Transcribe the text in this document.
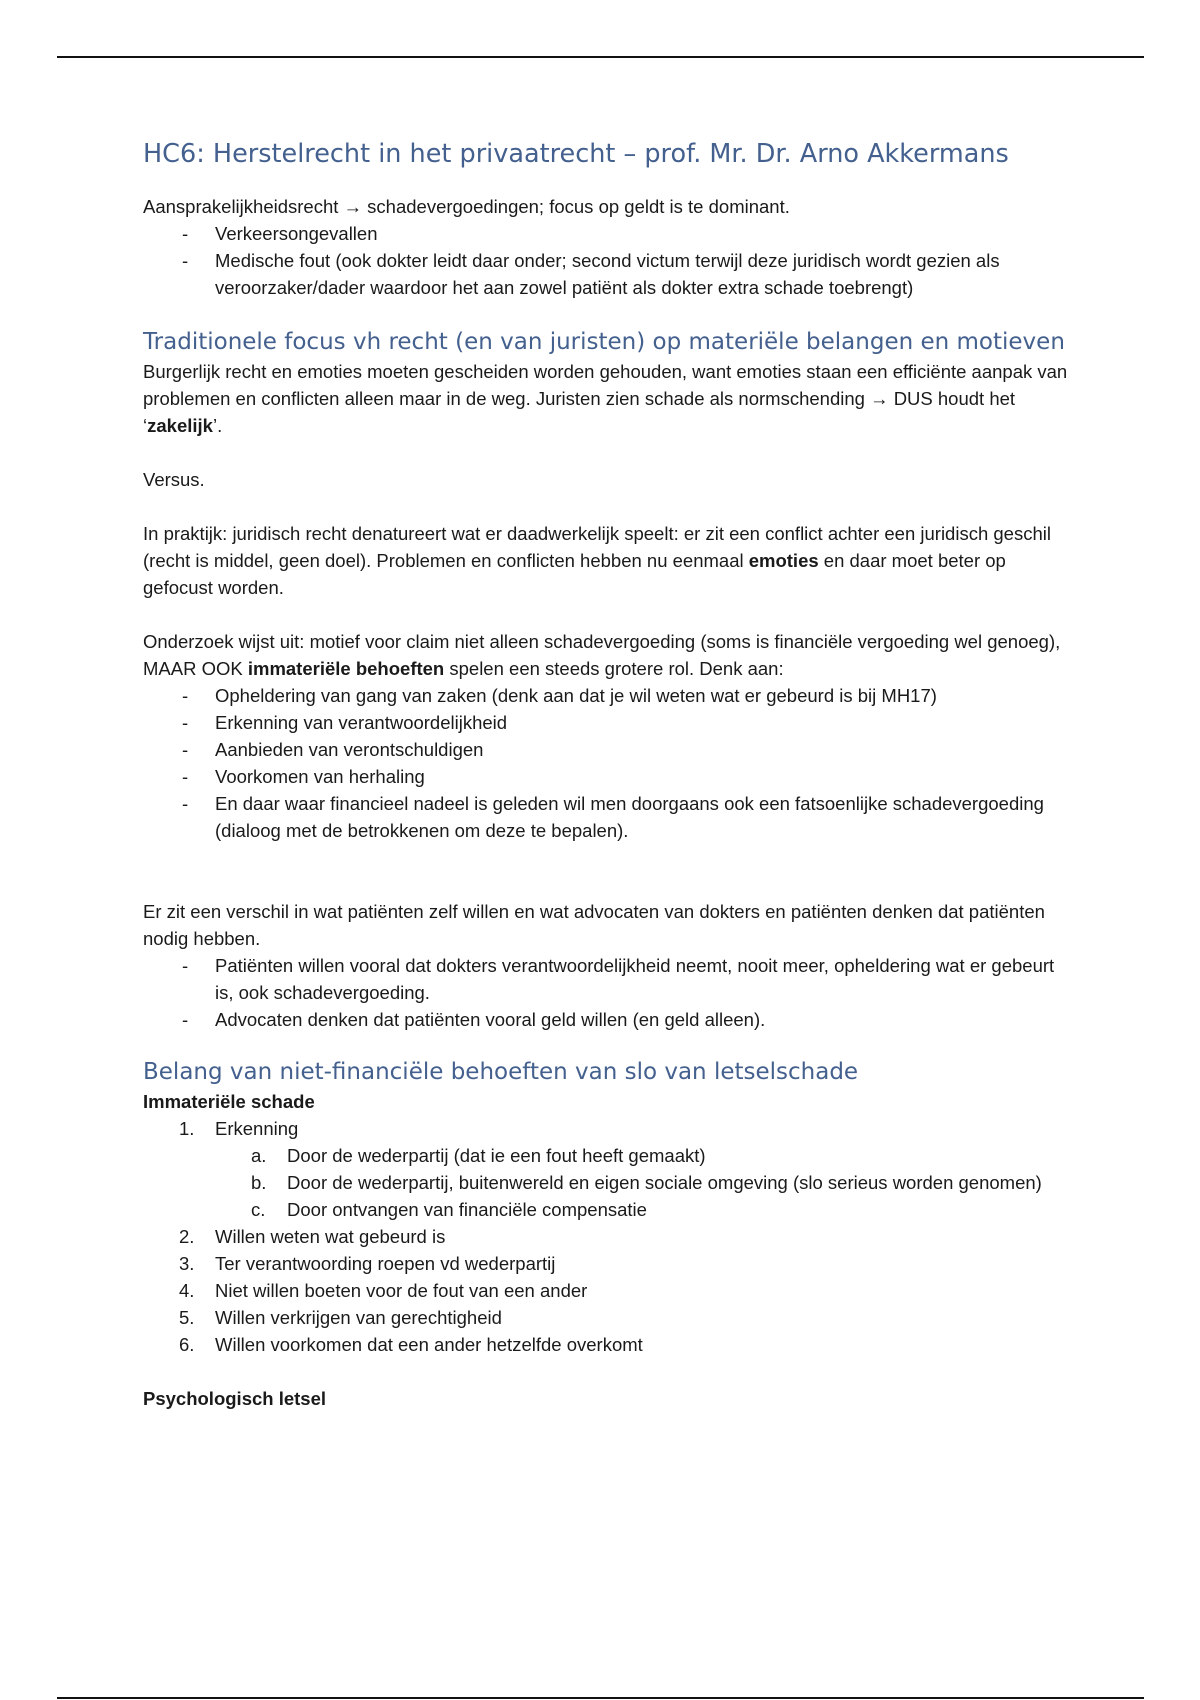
HC6: Herstelrecht in het privaatrecht – prof. Mr. Dr. Arno Akkermans

Aansprakelijkheidsrecht → schadevergoedingen; focus op geldt is te dominant.

- Verkeersongevallen
- Medische fout (ook dokter leidt daar onder; second victum terwijl deze juridisch wordt gezien als veroorzaker/dader waardoor het aan zowel patiënt als dokter extra schade toebrengt)
Traditionele focus vh recht (en van juristen) op materiële belangen en motieven

Burgerlijk recht en emoties moeten gescheiden worden gehouden, want emoties staan een efficiënte aanpak van problemen en conflicten alleen maar in de weg. Juristen zien schade als normschending → DUS houdt het ‘zakelijk’.

Versus.

In praktijk: juridisch recht denatureert wat er daadwerkelijk speelt: er zit een conflict achter een juridisch geschil (recht is middel, geen doel). Problemen en conflicten hebben nu eenmaal emoties en daar moet beter op gefocust worden.

Onderzoek wijst uit: motief voor claim niet alleen schadevergoeding (soms is financiële vergoeding wel genoeg), MAAR OOK immateriële behoeften spelen een steeds grotere rol. Denk aan:

- Opheldering van gang van zaken (denk aan dat je wil weten wat er gebeurd is bij MH17)
- Erkenning van verantwoordelijkheid
- Aanbieden van verontschuldigen
- Voorkomen van herhaling
- En daar waar financieel nadeel is geleden wil men doorgaans ook een fatsoenlijke schadevergoeding (dialoog met de betrokkenen om deze te bepalen).

Er zit een verschil in wat patiënten zelf willen en wat advocaten van dokters en patiënten denken dat patiënten nodig hebben.

- Patiënten willen vooral dat dokters verantwoordelijkheid neemt, nooit meer, opheldering wat er gebeurt is, ook schadevergoeding.
- Advocaten denken dat patiënten vooral geld willen (en geld alleen).
Belang van niet-financiële behoeften van slo van letselschade

Immateriële schade

1. Erkenning
a. Door de wederpartij (dat ie een fout heeft gemaakt)
b. Door de wederpartij, buitenwereld en eigen sociale omgeving (slo serieus worden genomen)
c. Door ontvangen van financiële compensatie
2. Willen weten wat gebeurd is
3. Ter verantwoording roepen vd wederpartij
4. Niet willen boeten voor de fout van een ander
5. Willen verkrijgen van gerechtigheid
6. Willen voorkomen dat een ander hetzelfde overkomt

Psychologisch letsel
